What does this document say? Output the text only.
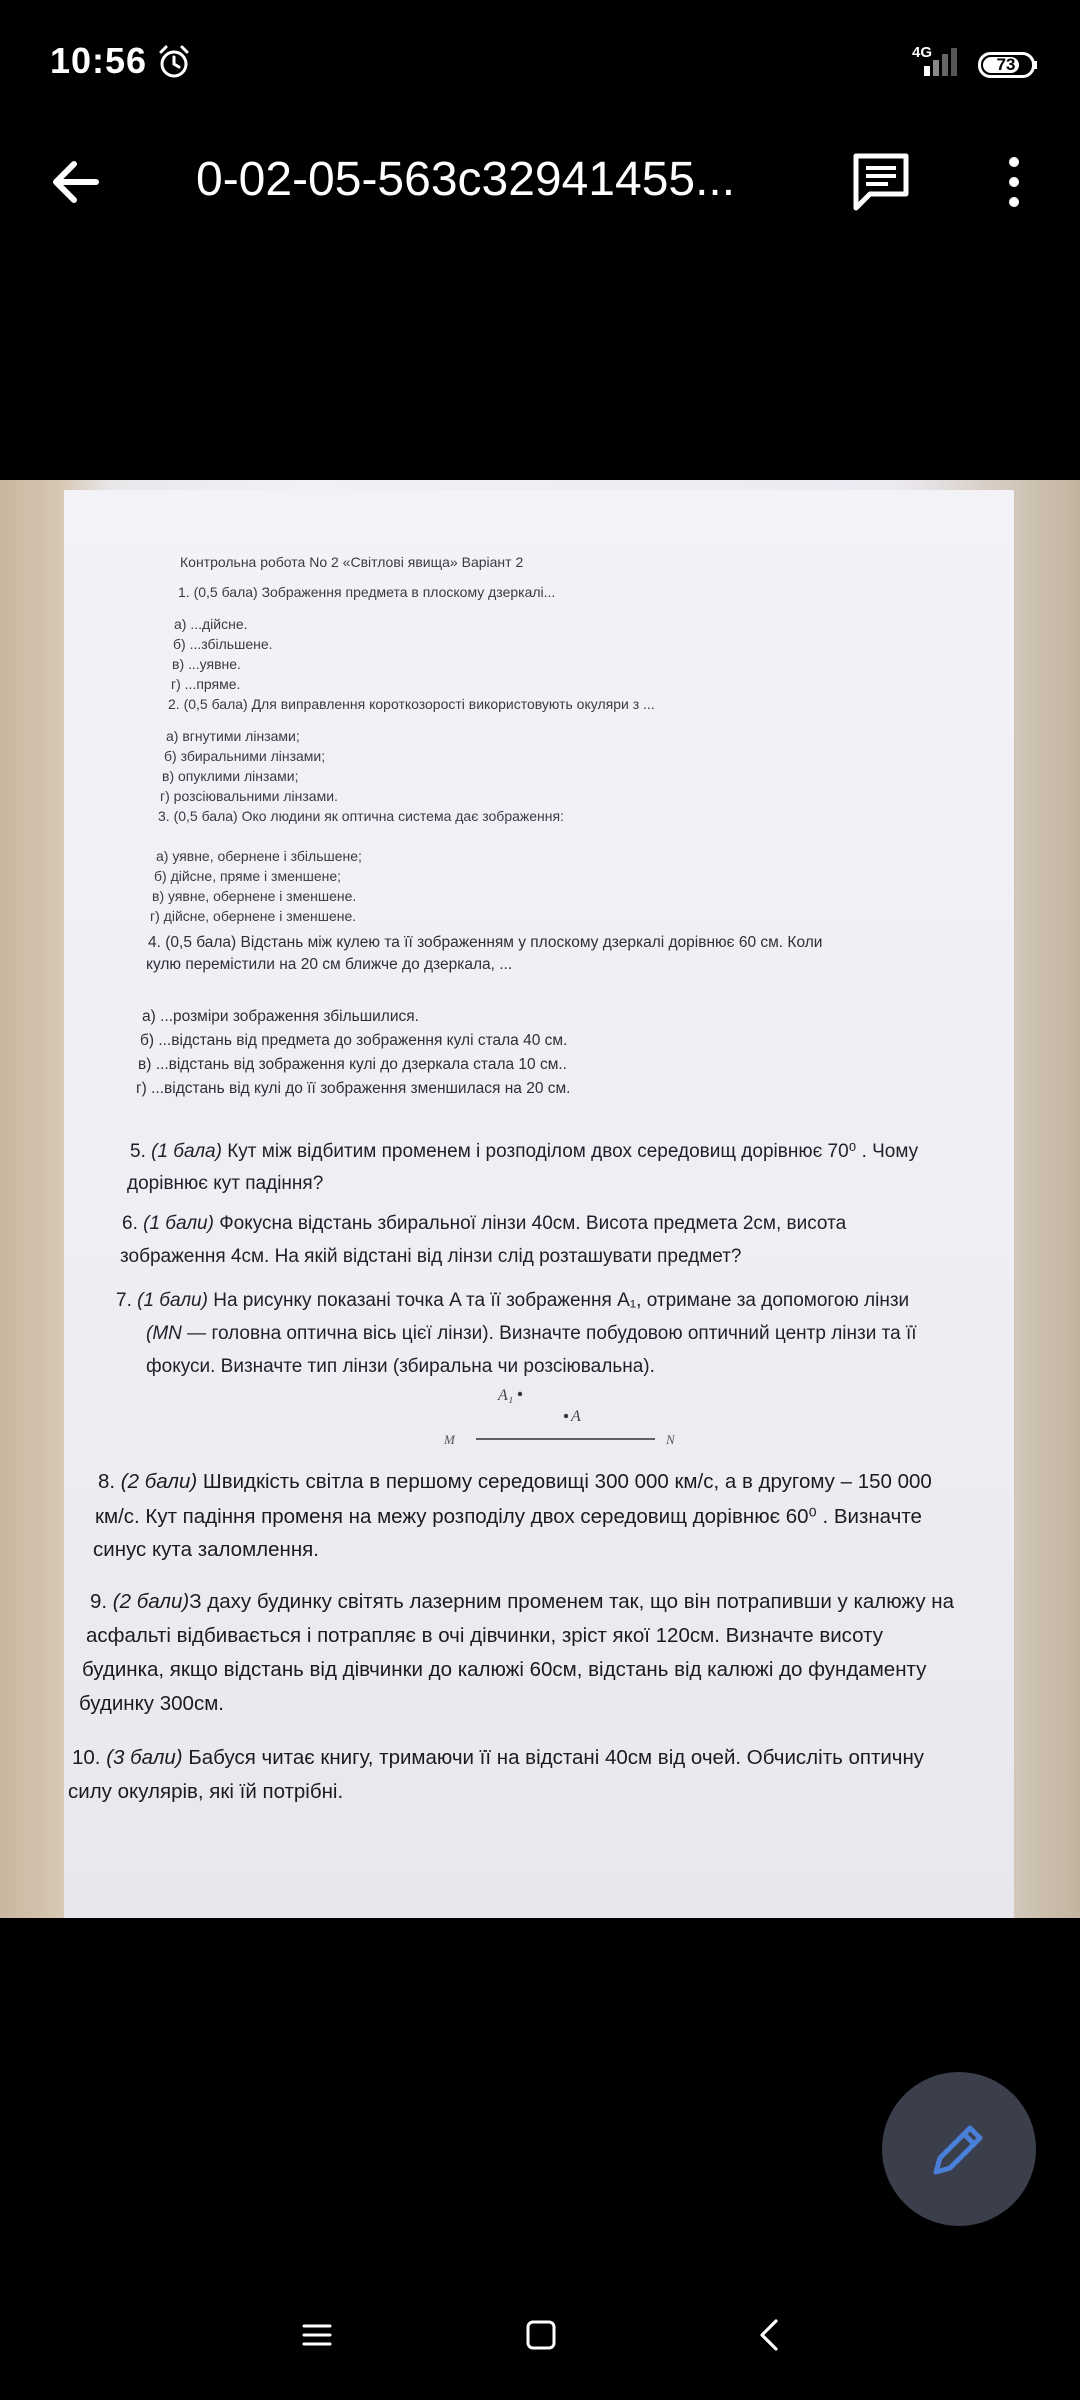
10:56	4G
73
0-02-05-563c32941455...
Контрольна робота No 2 «Світлові явища» Варіант 2
1. (0,5 бала) Зображення предмета в плоскому дзеркалі...
а) ...дійсне.
б) ...збільшене.
в) ...уявне.
г) ...пряме.
2. (0,5 бала) Для виправлення короткозорості використовують окуляри з ...
а) вгнутими лінзами;
б) збиральними лінзами;
в) опуклими лінзами;
г) розсіювальними лінзами.
3. (0,5 бала) Око людини як оптична система дає зображення:
а) уявне, обернене і збільшене;
б) дійсне, пряме і зменшене;
в) уявне, обернене і зменшене.
г) дійсне, обернене і зменшене.
4. (0,5 бала) Відстань між кулею та її зображенням у плоскому дзеркалі дорівнює 60 см. Коли
кулю перемістили на 20 см ближче до дзеркала, ...
а) ...розміри зображення збільшилися.
б) ...відстань від предмета до зображення кулі стала 40 см.
в) ...відстань від зображення кулі до дзеркала стала 10 см..
г) ...відстань від кулі до її зображення зменшилася на 20 см.
5. (1 бала) Кут між відбитим променем і розподілом двох середовищ дорівнює 70⁰ . Чому
дорівнює кут падіння?
6. (1 бали) Фокусна відстань збиральної лінзи 40см. Висота предмета 2см, висота
зображення 4см. На якій відстані від лінзи слід розташувати предмет?
7. (1 бали) На рисунку показані точка A та її зображення A₁, отримане за допомогою лінзи
(MN — головна оптична вісь цієї лінзи). Визначте побудовою оптичний центр лінзи та її
фокуси. Визначте тип лінзи (збиральна чи розсіювальна).
A₁
A
M	N
8. (2 бали) Швидкість світла в першому середовищі 300 000 км/с, а в другому – 150 000
км/с. Кут падіння променя на межу розподілу двох середовищ дорівнює 60⁰ . Визначте
синус кута заломлення.
9. (2 бали)З даху будинку світять лазерним променем так, що він потрапивши у калюжу на
асфальті відбивається і потрапляє в очі дівчинки, зріст якої 120см. Визначте висоту
будинка, якщо відстань від дівчинки до калюжі 60см, відстань від калюжі до фундаменту
будинку 300см.
10. (3 бали) Бабуся читає книгу, тримаючи її на відстані 40см від очей. Обчисліть оптичну
силу окулярів, які їй потрібні.
